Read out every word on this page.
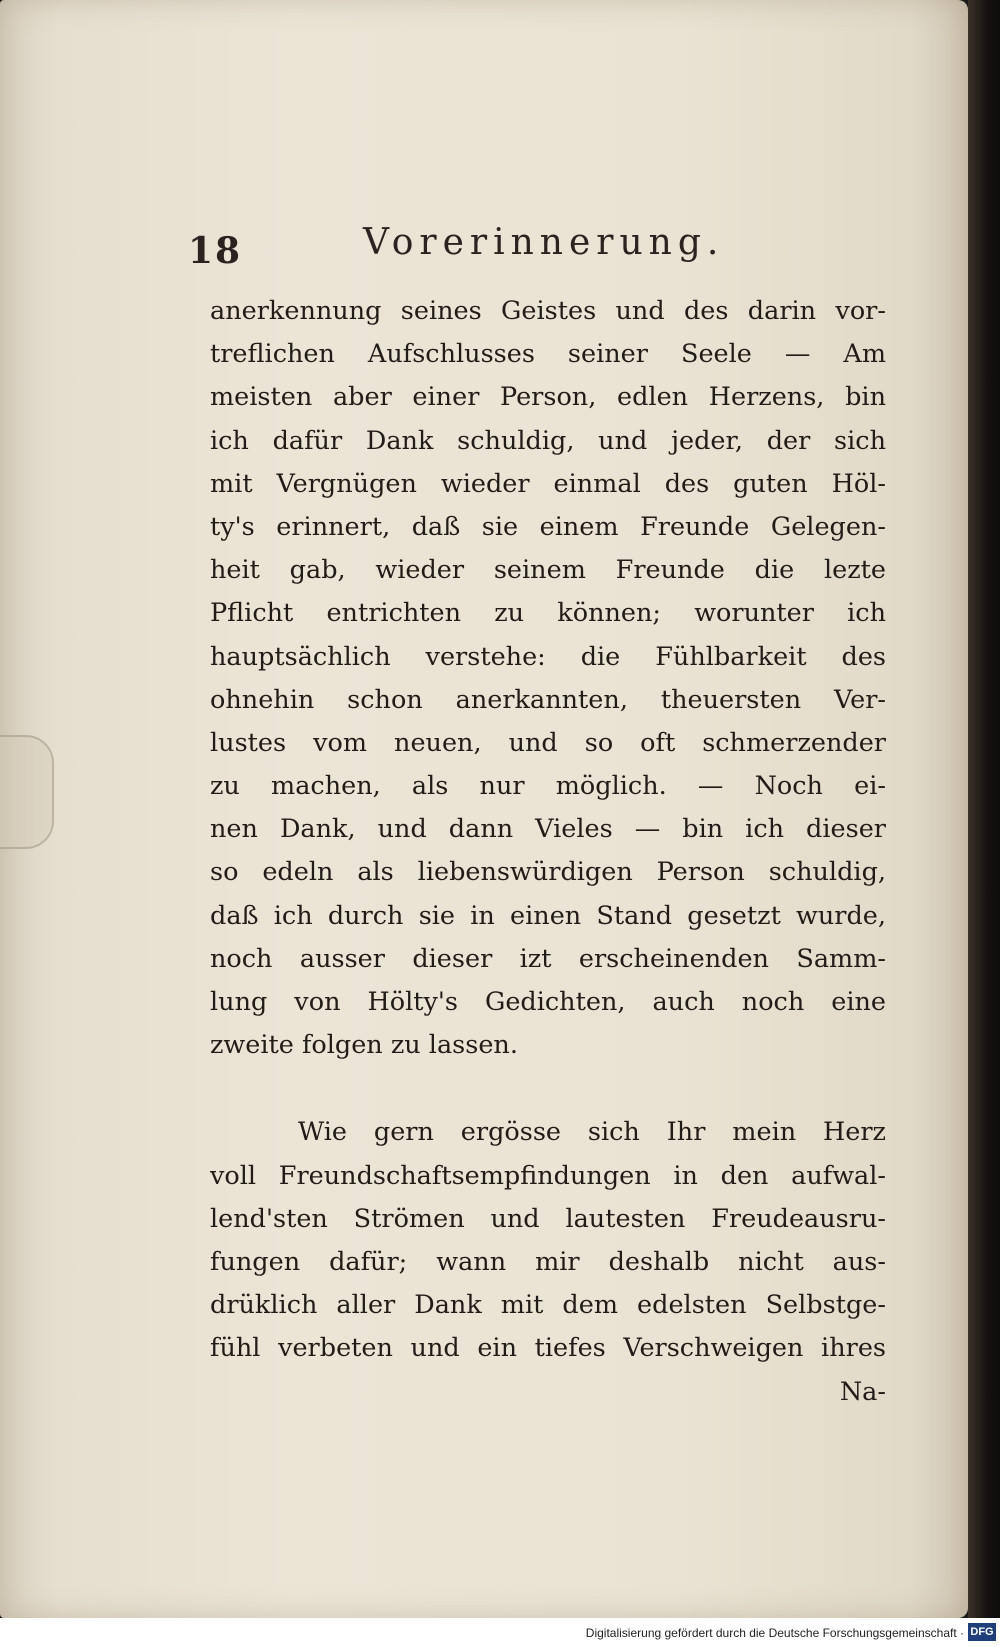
18	Vorerinnerung.
anerkennung seines Geistes und des darin vor-
treflichen Aufschlusses seiner Seele — Am
meisten aber einer Person, edlen Herzens, bin
ich dafür Dank schuldig, und jeder, der sich
mit Vergnügen wieder einmal des guten Höl-
ty's erinnert, daß sie einem Freunde Gelegen-
heit gab, wieder seinem Freunde die lezte
Pflicht entrichten zu können; worunter ich
hauptsächlich verstehe: die Fühlbarkeit des
ohnehin schon anerkannten, theuersten Ver-
lustes vom neuen, und so oft schmerzender
zu machen, als nur möglich. — Noch ei-
nen Dank, und dann Vieles — bin ich dieser
so edeln als liebenswürdigen Person schuldig,
daß ich durch sie in einen Stand gesetzt wurde,
noch ausser dieser izt erscheinenden Samm-
lung von Hölty's Gedichten, auch noch eine
zweite folgen zu lassen.
Wie gern ergösse sich Ihr mein Herz
voll Freundschaftsempfindungen in den aufwal-
lend'sten Strömen und lautesten Freudeausru-
fungen dafür; wann mir deshalb nicht aus-
drüklich aller Dank mit dem edelsten Selbstge-
fühl verbeten und ein tiefes Verschweigen ihres
Na-
Digitalisierung gefördert durch die Deutsche Forschungsgemeinschaft · DFG
